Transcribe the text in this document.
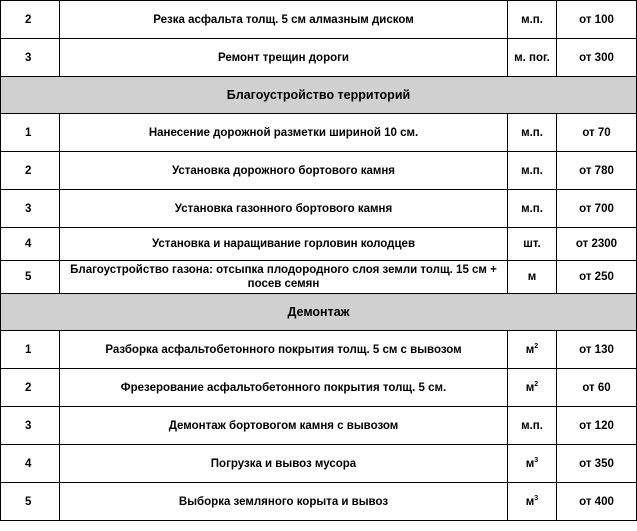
2	Резка асфальта толщ. 5 см алмазным диском	м.п.	от 100
3	Ремонт трещин дороги	м. пог.	от 300
Благоустройство территорий			
1	Нанесение дорожной разметки шириной 10 см.	м.п.	от 70
2	Установка дорожного бортового камня	м.п.	от 780
3	Установка газонного бортового камня	м.п.	от 700
4	Установка и наращивание горловин колодцев	шт.	от 2300
5	Благоустройство газона: отсыпка плодородного слоя земли толщ. 15 см + посев семян	м	от 250
Демонтаж			
1	Разборка асфальтобетонного покрытия толщ. 5 см с вывозом	$м^2$	от 130
2	Фрезерование асфальтобетонного покрытия толщ. 5 см.	$м^2$	от 60
3	Демонтаж бортовогом камня с вывозом	м.п.	от 120
4	Погрузка и вывоз мусора	$м^3$	от 350
5	Выборка земляного корыта и вывоз	$м^3$	от 400
